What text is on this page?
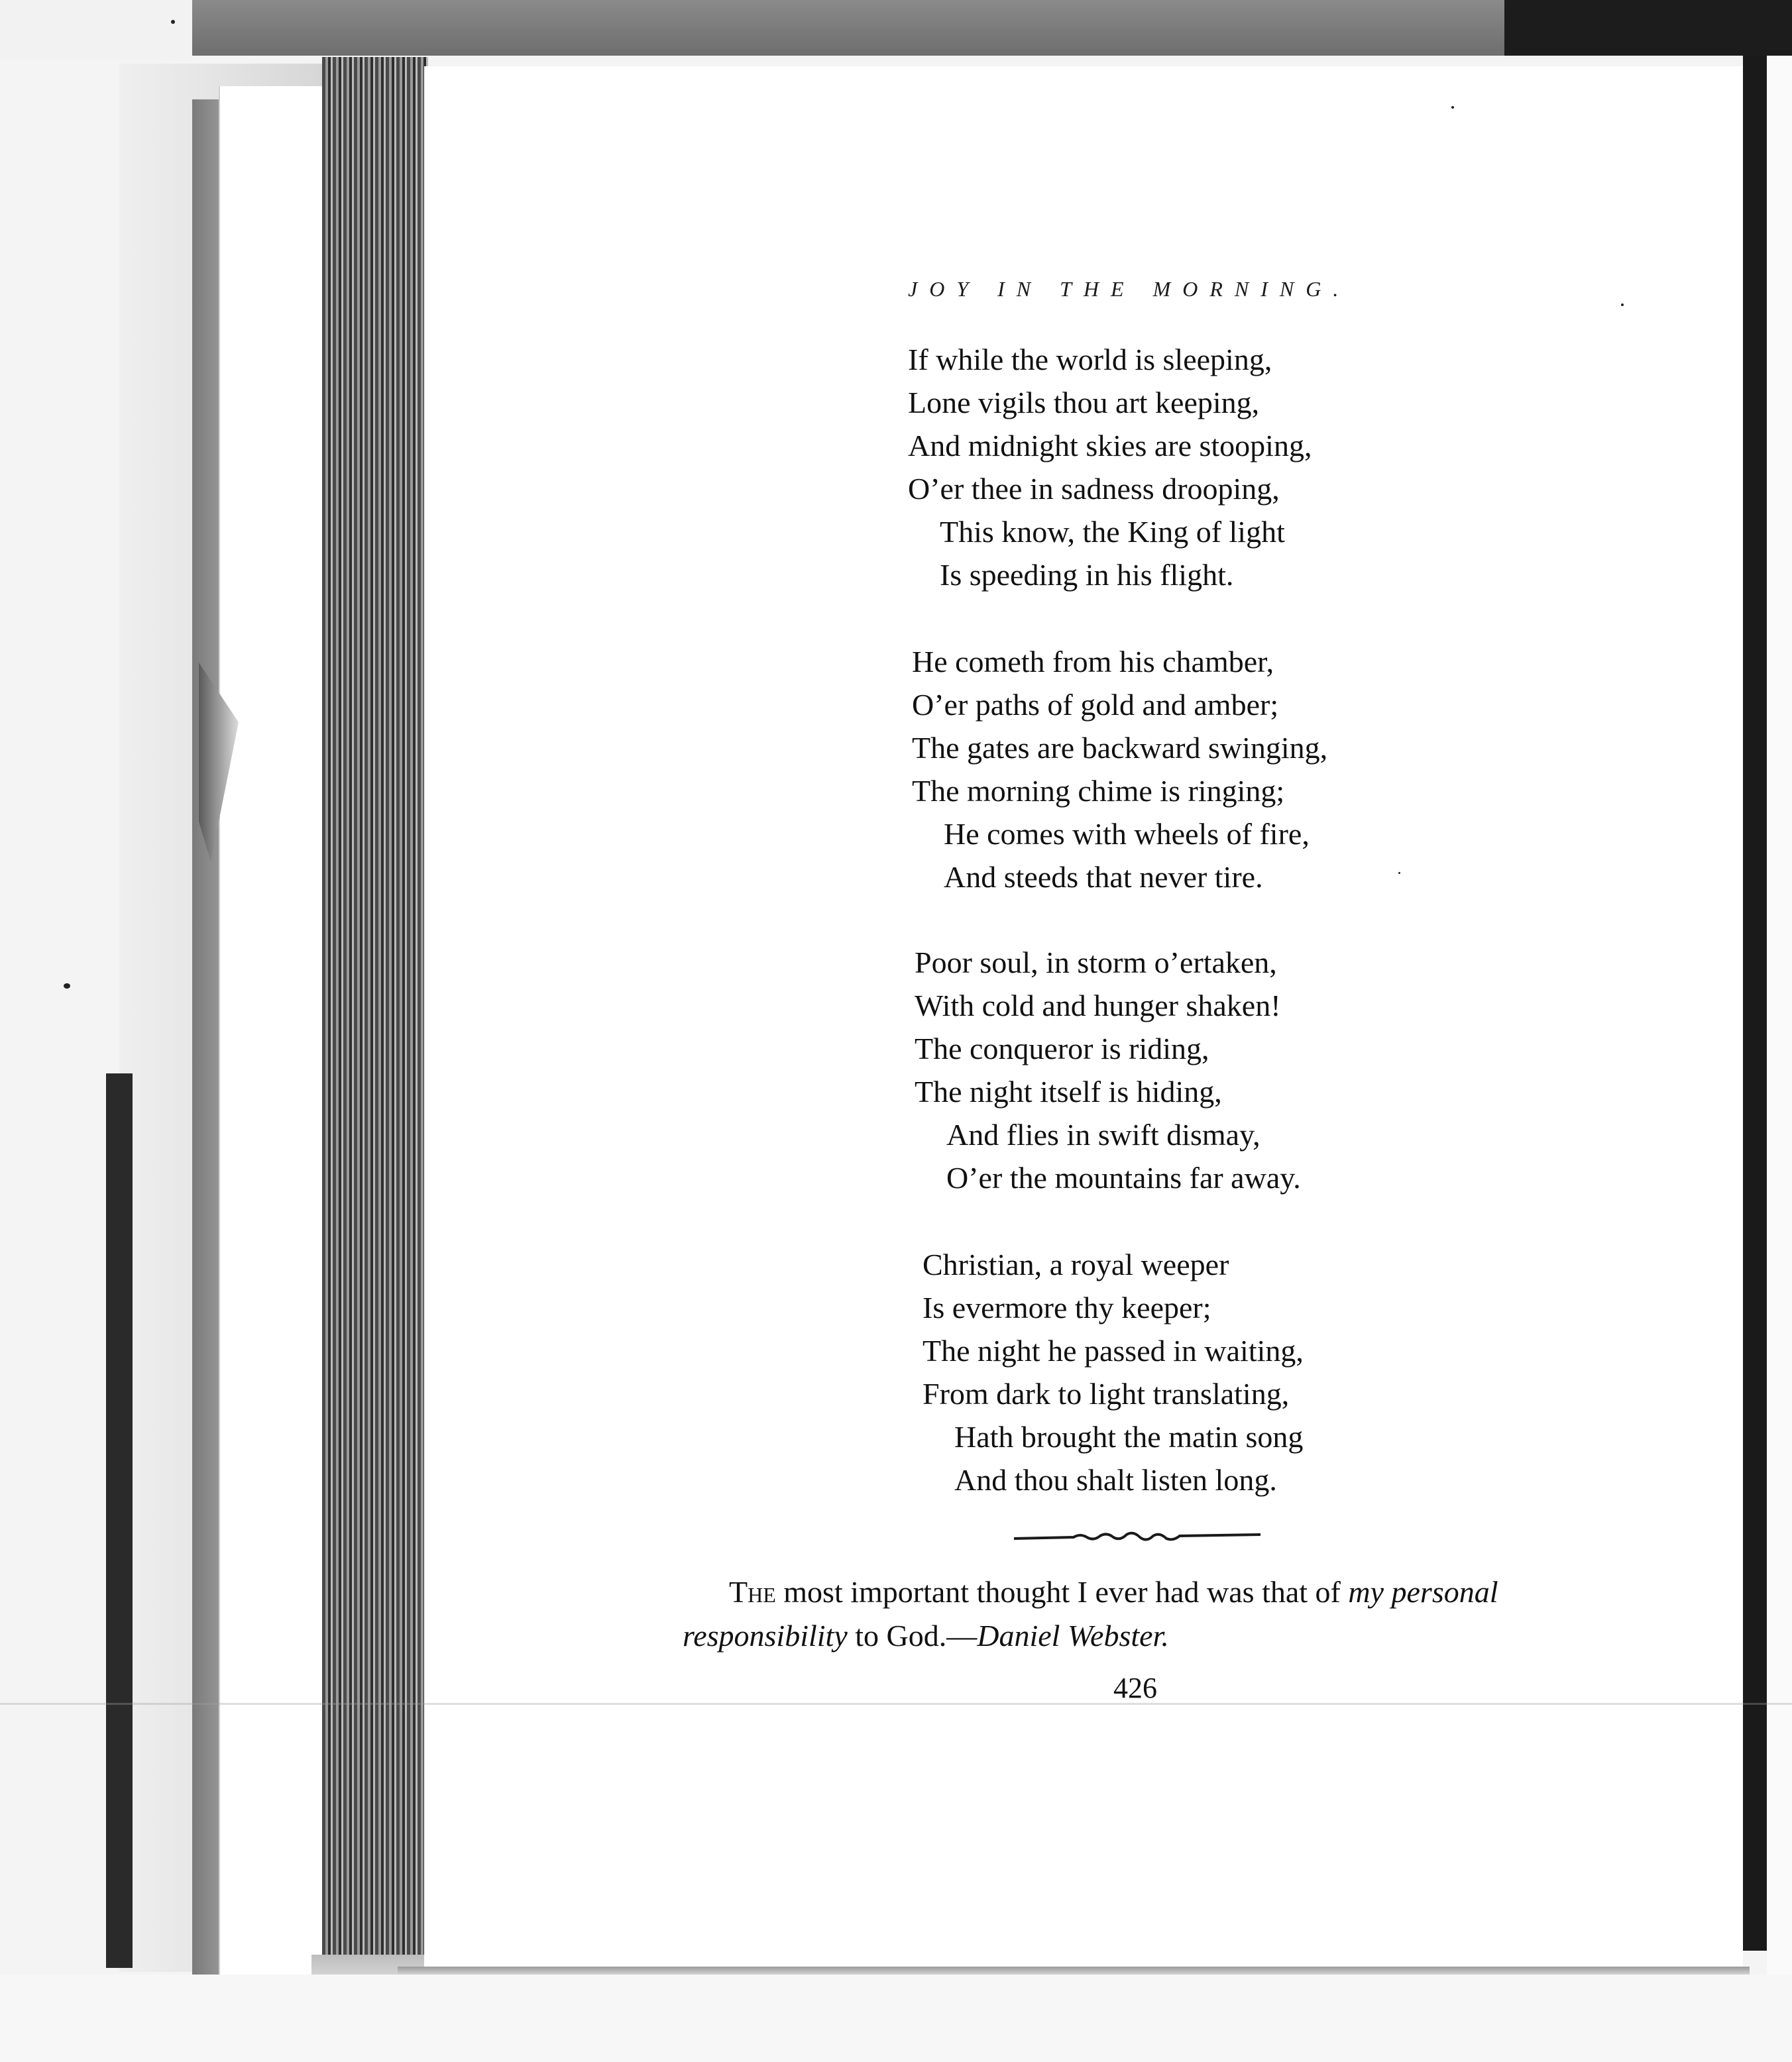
JOY IN THE MORNING.
If while the world is sleeping,
Lone vigils thou art keeping,
And midnight skies are stooping,
O’er thee in sadness drooping,
This know, the King of light
Is speeding in his flight.
He cometh from his chamber,
O’er paths of gold and amber;
The gates are backward swinging,
The morning chime is ringing;
He comes with wheels of fire,
And steeds that never tire.
Poor soul, in storm o’ertaken,
With cold and hunger shaken!
The conqueror is riding,
The night itself is hiding,
And flies in swift dismay,
O’er the mountains far away.
Christian, a royal weeper
Is evermore thy keeper;
The night he passed in waiting,
From dark to light translating,
Hath brought the matin song
And thou shalt listen long.
The most important thought I ever had was that of my personal
responsibility to God.—Daniel Webster.
426
